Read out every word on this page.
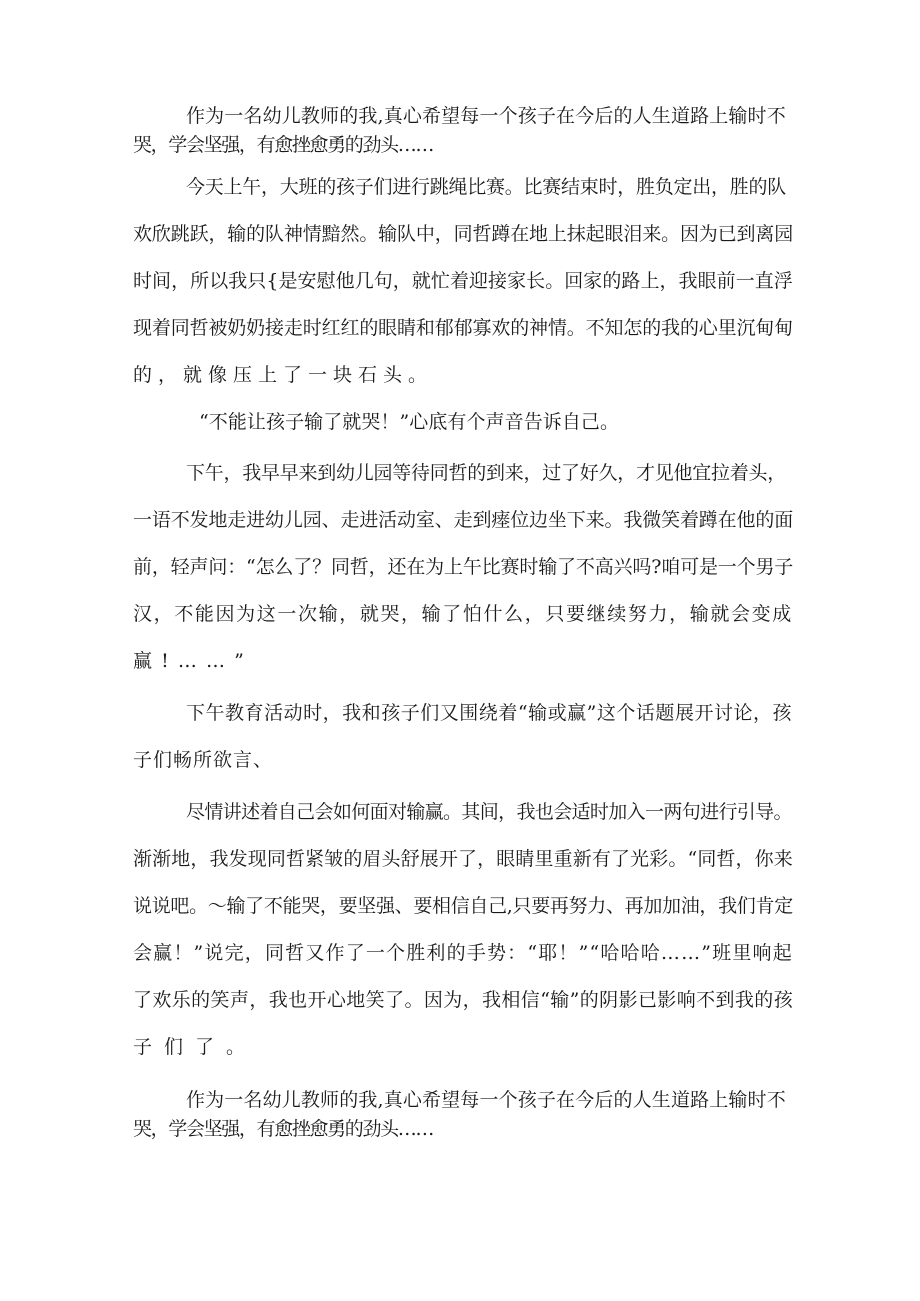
作为一名幼儿教师的我,真心希望每一个孩子在今后的人生道路上输时不
哭，学会坚强，有愈挫愈勇的劲头……
今天上午，大班的孩子们进行跳绳比赛。比赛结束时，胜负定出，胜的队
欢欣跳跃，输的队神情黯然。输队中，同哲蹲在地上抹起眼泪来。因为已到离园
时间，所以我只{是安慰他几句，就忙着迎接家长。回家的路上，我眼前一直浮
现着同哲被奶奶接走时红红的眼睛和郁郁寡欢的神情。不知怎的我的心里沉甸甸
的，就像压上了一块石头。
“不能让孩子输了就哭！”心底有个声音告诉自己。
下午，我早早来到幼儿园等待同哲的到来，过了好久，才见他宜拉着头，
一语不发地走进幼儿园、走进活动室、走到瘗位边坐下来。我微笑着蹲在他的面
前，轻声问：“怎么了？同哲，还在为上午比赛时输了不高兴吗?咱可是一个男子
汉，不能因为这一次输，就哭，输了怕什么，只要继续努力，输就会变成
赢!……”
下午教育活动时，我和孩子们又围绕着“输或赢”这个话题展开讨论，孩
子们畅所欲言、
尽情讲述着自己会如何面对输赢。其间，我也会适时加入一两句进行引导。
渐渐地，我发现同哲紧皱的眉头舒展开了，眼睛里重新有了光彩。“同哲，你来
说说吧。〜输了不能哭，要坚强、要相信自己,只要再努力、再加加油，我们肯定
会赢！”说完，同哲又作了一个胜利的手势：“耶！”“哈哈哈……”班里响起
了欢乐的笑声，我也开心地笑了。因为，我相信“输”的阴影已影响不到我的孩
子们了。
作为一名幼儿教师的我,真心希望每一个孩子在今后的人生道路上输时不
哭，学会坚强，有愈挫愈勇的劲头……
